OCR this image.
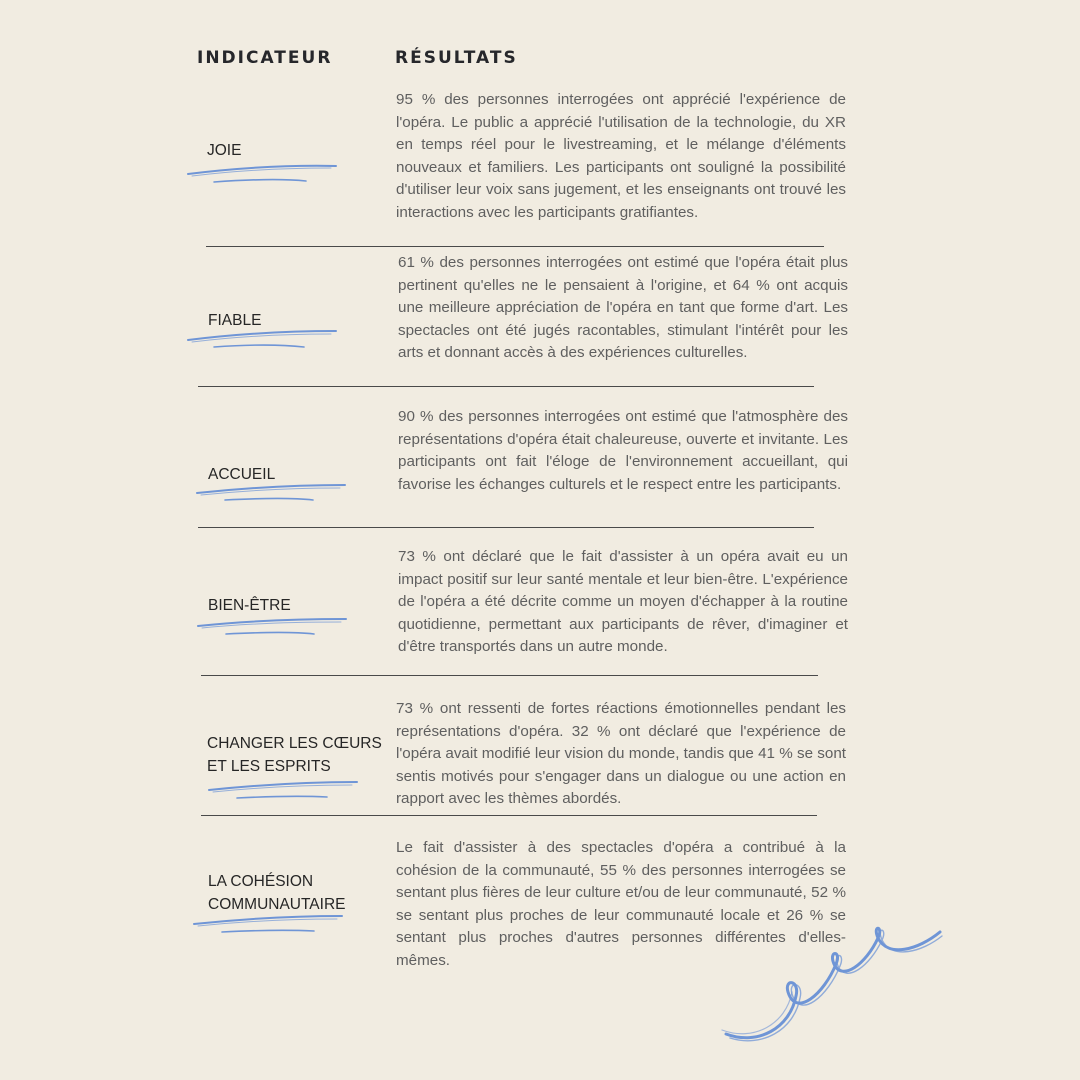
INDICATEUR	RÉSULTATS
JOIE
95 % des personnes interrogées ont apprécié l'expérience de l'opéra. Le public a apprécié l'utilisation de la technologie, du XR en temps réel pour le livestreaming, et le mélange d'éléments nouveaux et familiers. Les participants ont souligné la possibilité d'utiliser leur voix sans jugement, et les enseignants ont trouvé les interactions avec les participants gratifiantes.
FIABLE
61 % des personnes interrogées ont estimé que l'opéra était plus pertinent qu'elles ne le pensaient à l'origine, et 64 % ont acquis une meilleure appréciation de l'opéra en tant que forme d'art. Les spectacles ont été jugés racontables, stimulant l'intérêt pour les arts et donnant accès à des expériences culturelles.
ACCUEIL
90 % des personnes interrogées ont estimé que l'atmosphère des représentations d'opéra était chaleureuse, ouverte et invitante. Les participants ont fait l'éloge de l'environnement accueillant, qui favorise les échanges culturels et le respect entre les participants.
BIEN-ÊTRE
73 % ont déclaré que le fait d'assister à un opéra avait eu un impact positif sur leur santé mentale et leur bien-être. L'expérience de l'opéra a été décrite comme un moyen d'échapper à la routine quotidienne, permettant aux participants de rêver, d'imaginer et d'être transportés dans un autre monde.
CHANGER LES CŒURS
ET LES ESPRITS
73 % ont ressenti de fortes réactions émotionnelles pendant les représentations d'opéra. 32 % ont déclaré que l'expérience de l'opéra avait modifié leur vision du monde, tandis que 41 % se sont sentis motivés pour s'engager dans un dialogue ou une action en rapport avec les thèmes abordés.
LA COHÉSION
COMMUNAUTAIRE
Le fait d'assister à des spectacles d'opéra a contribué à la cohésion de la communauté, 55 % des personnes interrogées se sentant plus fières de leur culture et/ou de leur communauté, 52 % se sentant plus proches de leur communauté locale et 26 % se sentant plus proches d'autres personnes différentes d'elles-mêmes.
